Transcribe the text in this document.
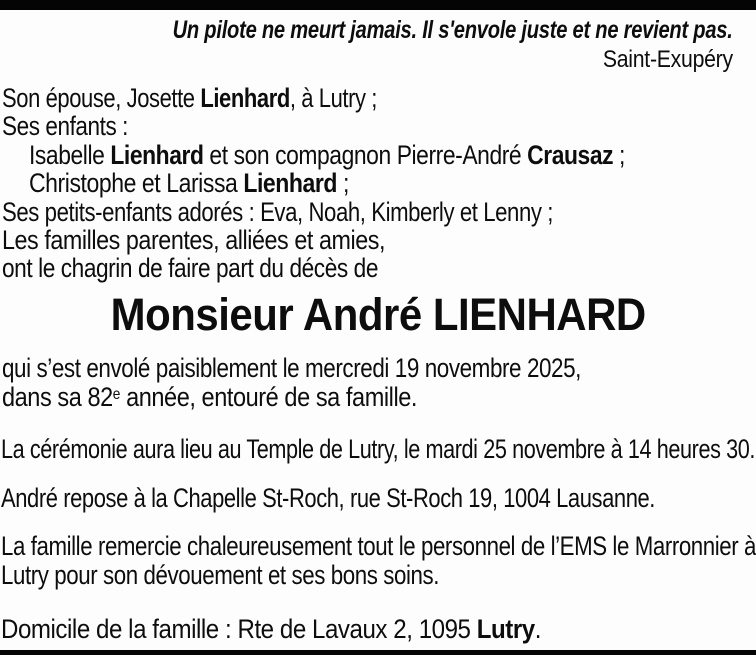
Un pilote ne meurt jamais. Il s'envole juste et ne revient pas.
Saint-Exupéry
Son épouse, Josette Lienhard, à Lutry ;
Ses enfants :
Isabelle Lienhard et son compagnon Pierre-André Crausaz ;
Christophe et Larissa Lienhard ;
Ses petits-enfants adorés : Eva, Noah, Kimberly et Lenny ;
Les familles parentes, alliées et amies,
ont le chagrin de faire part du décès de
Monsieur André LIENHARD
qui s’est envolé paisiblement le mercredi 19 novembre 2025,
dans sa 82e année, entouré de sa famille.
La cérémonie aura lieu au Temple de Lutry, le mardi 25 novembre à 14 heures 30.
André repose à la Chapelle St-Roch, rue St-Roch 19, 1004 Lausanne.
La famille remercie chaleureusement tout le personnel de l’EMS le Marronnier à
Lutry pour son dévouement et ses bons soins.
Domicile de la famille : Rte de Lavaux 2, 1095 Lutry.
